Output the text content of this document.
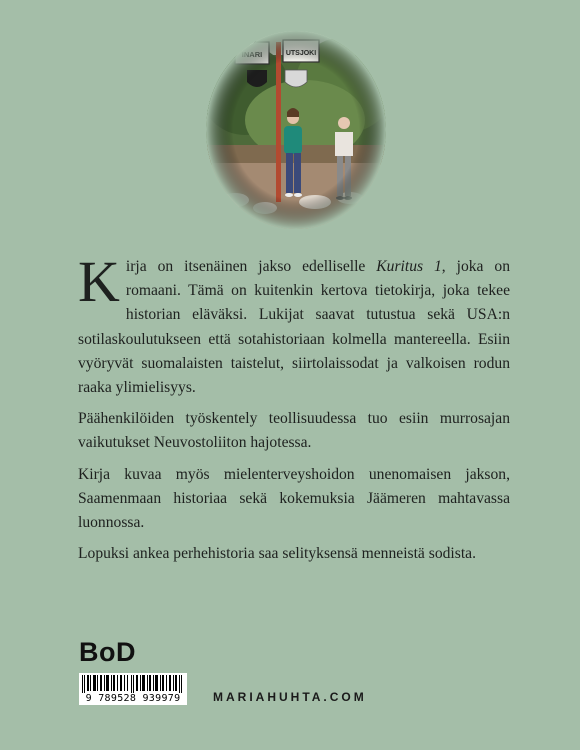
Kirja on itsenäinen jakso edelliselle Kuritus 1, joka on romaani. Tämä on kuitenkin kertova tietokirja, joka tekee historian eläväksi. Lukijat saavat tutustua sekä USA:n sotilaskoulutukseen että sotahistoriaan kolmella mantereella. Esiin vyöryvät suomalaisten taistelut, siirtolaissodat ja valkoisen rodun raaka ylimielisyys.

Päähenkilöiden työskentely teollisuudessa tuo esiin murrosajan vaikutukset Neuvostoliiton hajotessa.

Kirja kuvaa myös mielenterveyshoidon unenomaisen jakson, Saamenmaan historiaa sekä kokemuksia Jäämeren mahtavassa luonnossa.

Lopuksi ankea perhehistoria saa selityksensä menneistä sodista.

BoD
9 789528 939979	MARIAHUHTA.COM
